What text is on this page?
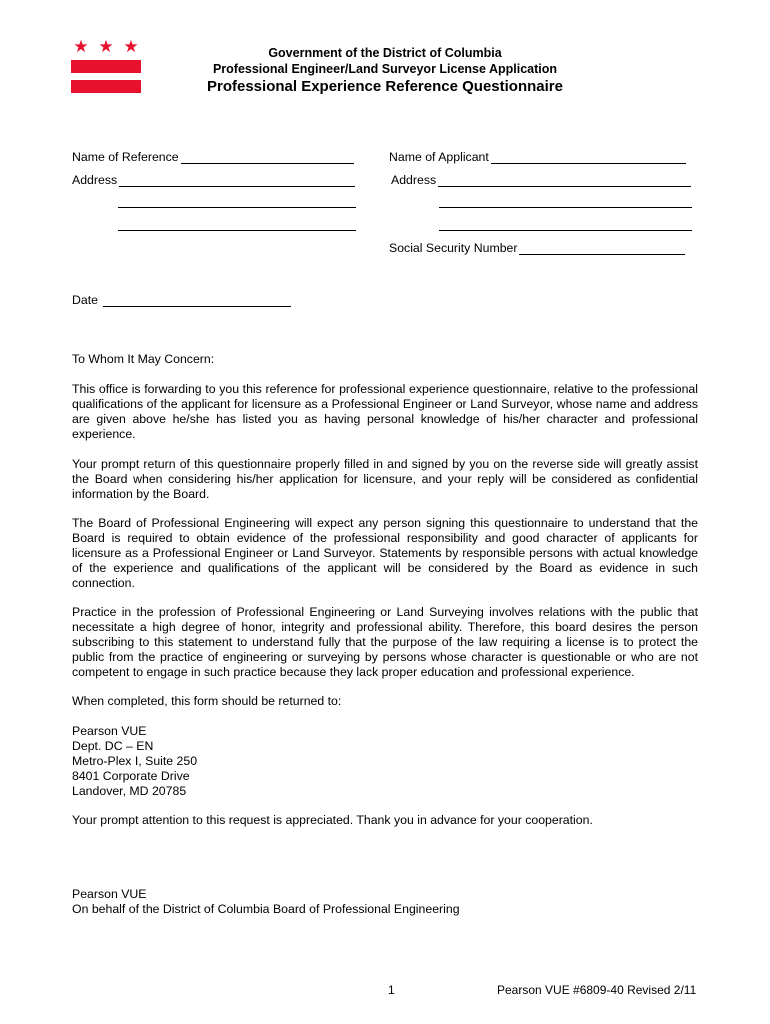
★ ★ ★	Government of the District of Columbia
Professional Engineer/Land Surveyor License Application
Professional Experience Reference Questionnaire
Name of Reference
Address
Name of Applicant
Address
Social Security Number
Date
To Whom It May Concern:
This office is forwarding to you this reference for professional experience questionnaire, relative to the professional qualifications of the applicant for licensure as a Professional Engineer or Land Surveyor, whose name and address are given above he/she has listed you as having personal knowledge of his/her character and professional experience.
Your prompt return of this questionnaire properly filled in and signed by you on the reverse side will greatly assist the Board when considering his/her application for licensure, and your reply will be considered as confidential information by the Board.
The Board of Professional Engineering will expect any person signing this questionnaire to understand that the Board is required to obtain evidence of the professional responsibility and good character of applicants for licensure as a Professional Engineer or Land Surveyor. Statements by responsible persons with actual knowledge of the experience and qualifications of the applicant will be considered by the Board as evidence in such connection.
Practice in the profession of Professional Engineering or Land Surveying involves relations with the public that necessitate a high degree of honor, integrity and professional ability. Therefore, this board desires the person subscribing to this statement to understand fully that the purpose of the law requiring a license is to protect the public from the practice of engineering or surveying by persons whose character is questionable or who are not competent to engage in such practice because they lack proper education and professional experience.
When completed, this form should be returned to:
Pearson VUE
Dept. DC – EN
Metro-Plex I, Suite 250
8401 Corporate Drive
Landover, MD 20785
Your prompt attention to this request is appreciated. Thank you in advance for your cooperation.
Pearson VUE
On behalf of the District of Columbia Board of Professional Engineering
1	Pearson VUE #6809-40 Revised 2/11
